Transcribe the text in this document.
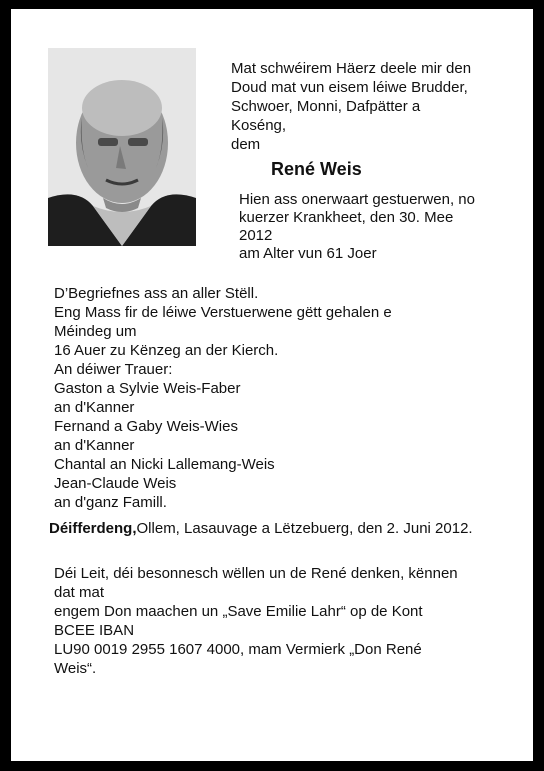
Mat schwéirem Häerz deele mir den
Doud mat vun eisem léiwe Brudder,
Schwoer, Monni, Dafpätter a
Koséng,
dem
René Weis
Hien ass onerwaart gestuerwen, no
kuerzer Krankheet, den 30. Mee
2012
am Alter vun 61 Joer
D’Begriefnes ass an aller Stëll.
Eng Mass fir de léiwe Verstuerwene gëtt gehalen e
Méindeg um
16 Auer zu Kënzeg an der Kierch.
An déiwer Trauer:
Gaston a Sylvie Weis-Faber
an d'Kanner
Fernand a Gaby Weis-Wies
an d'Kanner
Chantal an Nicki Lallemang-Weis
Jean-Claude Weis
an d'ganz Famill.
Déifferdeng,Ollem, Lasauvage a Lëtzebuerg, den 2. Juni 2012.
Déi Leit, déi besonnesch wëllen un de René denken, kënnen
dat mat
engem Don maachen un „Save Emilie Lahr“ op de Kont
BCEE IBAN
LU90 0019 2955 1607 4000, mam Vermierk „Don René
Weis“.
